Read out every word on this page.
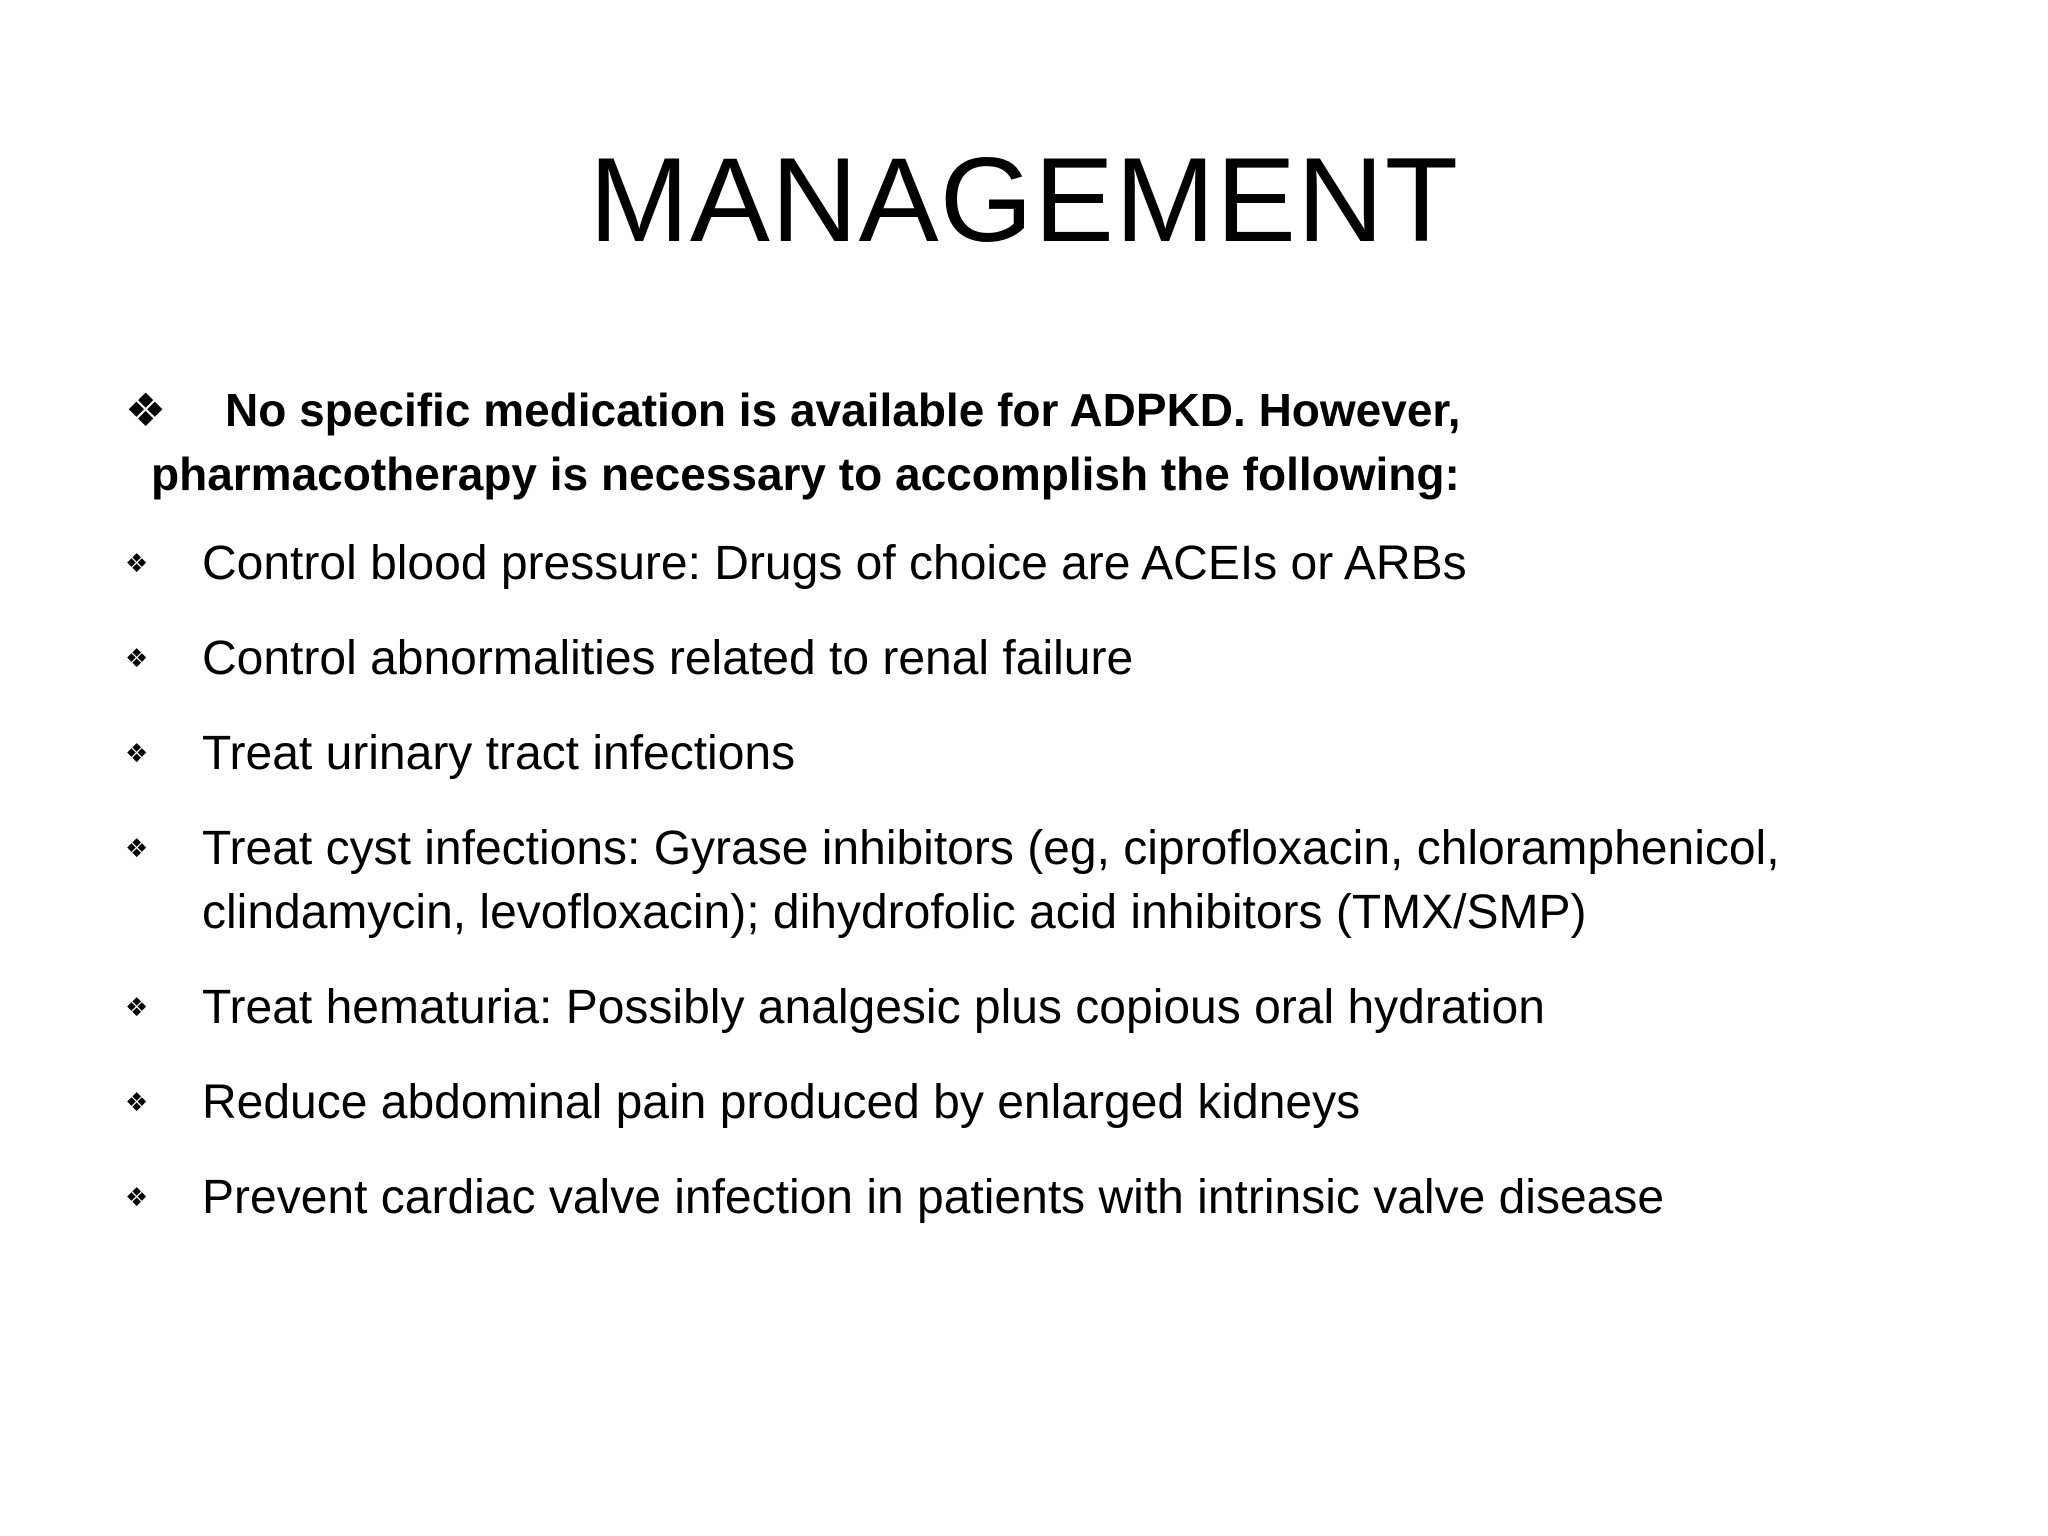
MANAGEMENT
❖ No specific medication is available for ADPKD. However,
pharmacotherapy is necessary to accomplish the following:
❖ Control blood pressure: Drugs of choice are ACEIs or ARBs
❖ Control abnormalities related to renal failure
❖ Treat urinary tract infections
❖ Treat cyst infections: Gyrase inhibitors (eg, ciprofloxacin, chloramphenicol, clindamycin, levofloxacin); dihydrofolic acid inhibitors (TMX/SMP)
❖ Treat hematuria: Possibly analgesic plus copious oral hydration
❖ Reduce abdominal pain produced by enlarged kidneys
❖ Prevent cardiac valve infection in patients with intrinsic valve disease
